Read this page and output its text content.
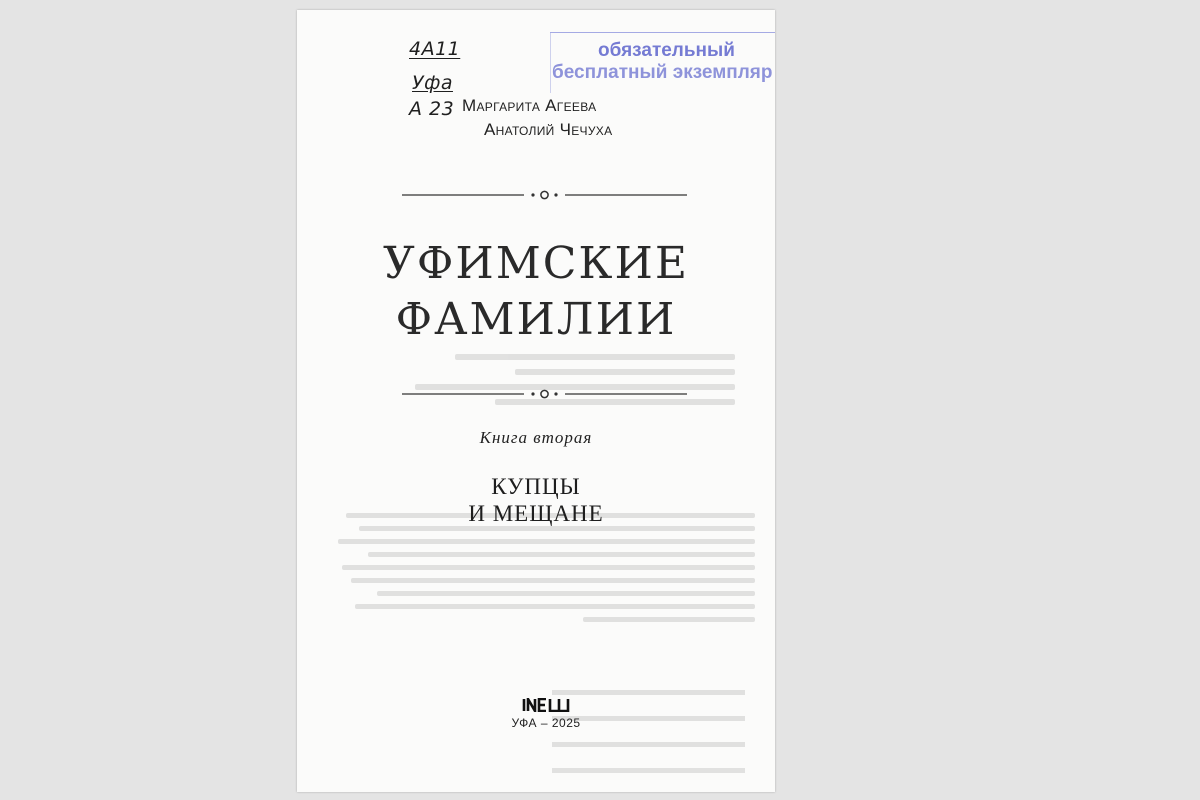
4А11
Уфа
А 23
обязательный
бесплатный экземпляр
Маргарита Агеева
Анатолий Чечуха
УФИМСКИЕ
ФАМИЛИИ
Книга вторая
КУПЦЫ
И МЕЩАНЕ
УФА – 2025
